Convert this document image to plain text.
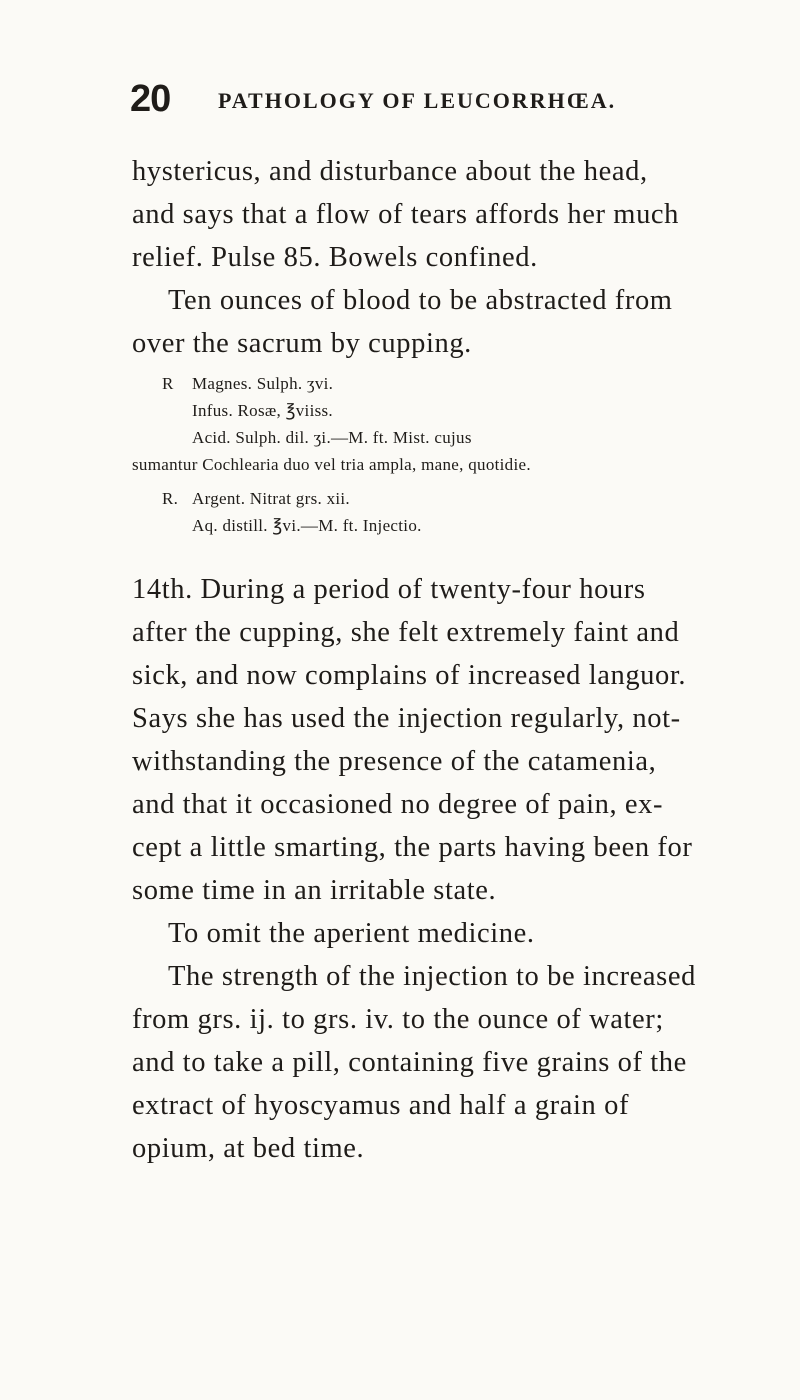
20 PATHOLOGY OF LEUCORRHŒA.
hystericus, and disturbance about the head,
and says that a flow of tears affords her much
relief. Pulse 85. Bowels confined.
Ten ounces of blood to be abstracted from
over the sacrum by cupping.
R Magnes. Sulph. ʒvi.
Infus. Rosæ, ℥viiss.
Acid. Sulph. dil. ʒi.—M. ft. Mist. cujus
sumantur Cochlearia duo vel tria ampla, mane, quotidie.
R. Argent. Nitrat grs. xii.
Aq. distill. ℥vi.—M. ft. Injectio.
14th. During a period of twenty-four hours
after the cupping, she felt extremely faint and
sick, and now complains of increased languor.
Says she has used the injection regularly, not-
withstanding the presence of the catamenia,
and that it occasioned no degree of pain, ex-
cept a little smarting, the parts having been for
some time in an irritable state.
To omit the aperient medicine.
The strength of the injection to be increased
from grs. ij. to grs. iv. to the ounce of water;
and to take a pill, containing five grains of the
extract of hyoscyamus and half a grain of
opium, at bed time.
